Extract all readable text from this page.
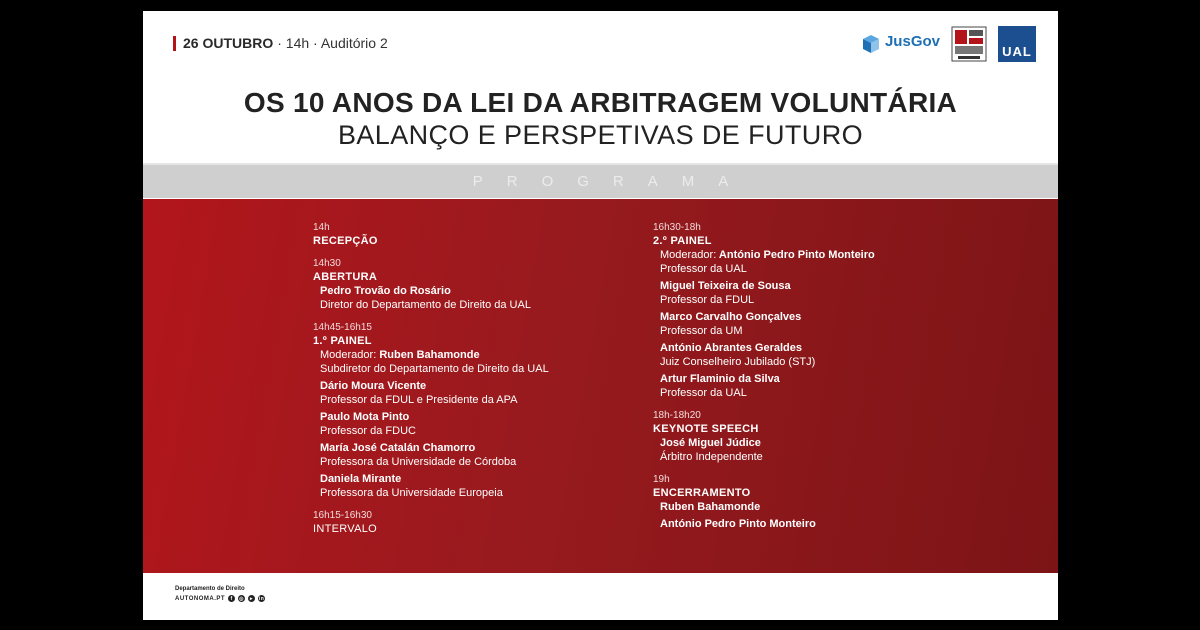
26 OUTUBRO · 14h · Auditório 2	JusGov

UAL
OS 10 ANOS DA LEI DA ARBITRAGEM VOLUNTÁRIA
BALANÇO E PERSPETIVAS DE FUTURO
PROGRAMA
Departamento de Direito
AUTONOMA.PT	f	◎	▸	in
14h
RECEPÇÃO
14h30
ABERTURA
Pedro Trovão do Rosário
Diretor do Departamento de Direito da UAL
14h45-16h15
1.º PAINEL
Moderador: Ruben Bahamonde
Subdiretor do Departamento de Direito da UAL
Dário Moura Vicente
Professor da FDUL e Presidente da APA
Paulo Mota Pinto
Professor da FDUC
María José Catalán Chamorro
Professora da Universidade de Córdoba
Daniela Mirante
Professora da Universidade Europeia
16h15-16h30
INTERVALO
16h30-18h
2.º PAINEL
Moderador: António Pedro Pinto Monteiro
Professor da UAL
Miguel Teixeira de Sousa
Professor da FDUL
Marco Carvalho Gonçalves
Professor da UM
António Abrantes Geraldes
Juiz Conselheiro Jubilado (STJ)
Artur Flaminio da Silva
Professor da UAL
18h-18h20
KEYNOTE SPEECH
José Miguel Júdice
Árbitro Independente
19h
ENCERRAMENTO
Ruben Bahamonde
António Pedro Pinto Monteiro
